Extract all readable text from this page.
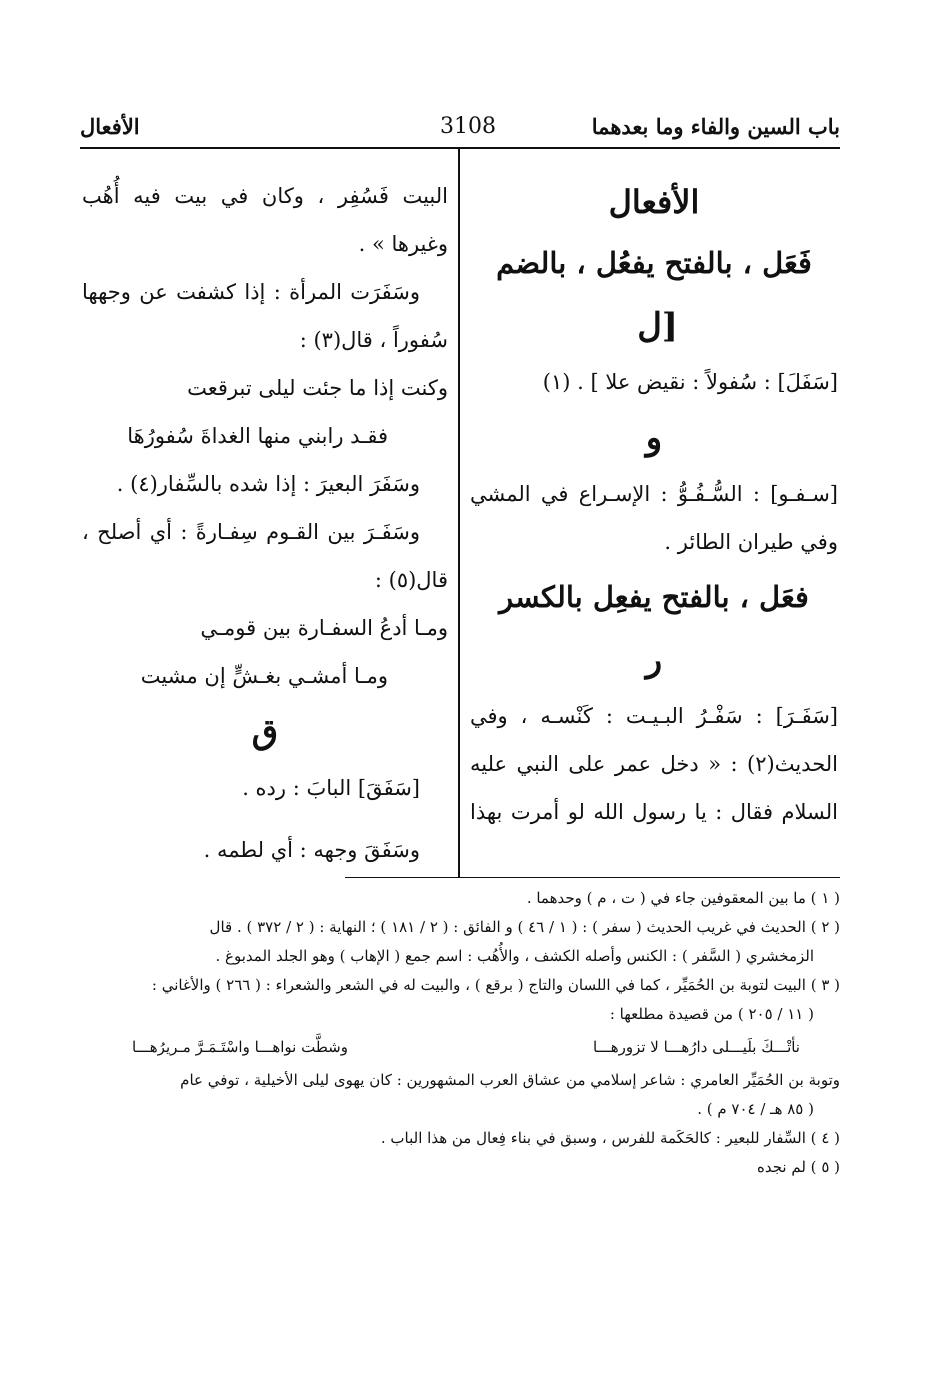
باب السين والفاء وما بعدهما
3108
الأفعال
الأفعال
فَعَل ، بالفتح يفعُل ، بالضم
[ل
[سَفَلَ] : سُفولاً : نقيض علا ] . (١)
و
[سـفـو] : السُّـفُـوُّ : الإسـراع في المشي
وفي طيران الطائر .
فعَل ، بالفتح يفعِل بالكسر
ر
[سَفَـرَ] : سَفْـرُ البـيـت : كَنْسـه ، وفي
الحديث(٢) : « دخل عمر على النبي عليه
السلام فقال : يا رسول الله لو أمرت بهذا
البيت فَسُفِر ، وكان في بيت فيه أُهُب
وغيرها » .
وسَفَرَت المرأة : إذا كشفت عن وجهها
سُفوراً ، قال(٣) :
وكنت إذا ما جئت ليلى تبرقعت
فقـد رابني منها الغداةَ سُفورُهَا
وسَفَرَ البعيرَ : إذا شده بالسِّفار(٤) .
وسَفَـرَ بين القـوم سِفـارةً : أي أصلح ،
قال(٥) :
ومـا أدعُ السفـارة بين قومـي
ومـا أمشـي بغـشٍّ إن مشيت
ق
[سَفَقَ] البابَ : رده .
وسَفَقَ وجهه : أي لطمه .
( ١ ) ما بين المعقوفين جاء في ( ت ، م ) وحدهما .
( ٢ ) الحديث في غريب الحديث ( سفر ) : ( ١ / ٤٦ ) و الفائق : ( ٢ / ١٨١ ) ؛ النهاية : ( ٢ / ٣٧٢ ) . قال
الزمخشري ( السَّفر ) : الكنس وأصله الكشف ، والأُهُب : اسم جمع ( الإهاب ) وهو الجلد المدبوغ .
( ٣ ) البيت لتوبة بن الحُمَيِّر ، كما في اللسان والتاج ( برقع ) ، والبيت له في الشعر والشعراء : ( ٢٦٦ ) والأغاني :
( ١١ / ٢٠٥ ) من قصيدة مطلعها :
نأتْـــكَ بلَيـــلى دارُهـــا لا تزورهـــا
وشطَّت نواهـــا واسْتَـمَـرَّ مـريرُهـــا
وتوبة بن الحُمَيِّر العامري : شاعر إسلامي من عشاق العرب المشهورين : كان يهوى ليلى الأخيلية ، توفي عام
( ٨٥ هـ / ٧٠٤ م ) .
( ٤ ) السِّفار للبعير : كالحَكَمة للفرس ، وسبق في بناء فِعال من هذا الباب .
( ٥ ) لم نجده
